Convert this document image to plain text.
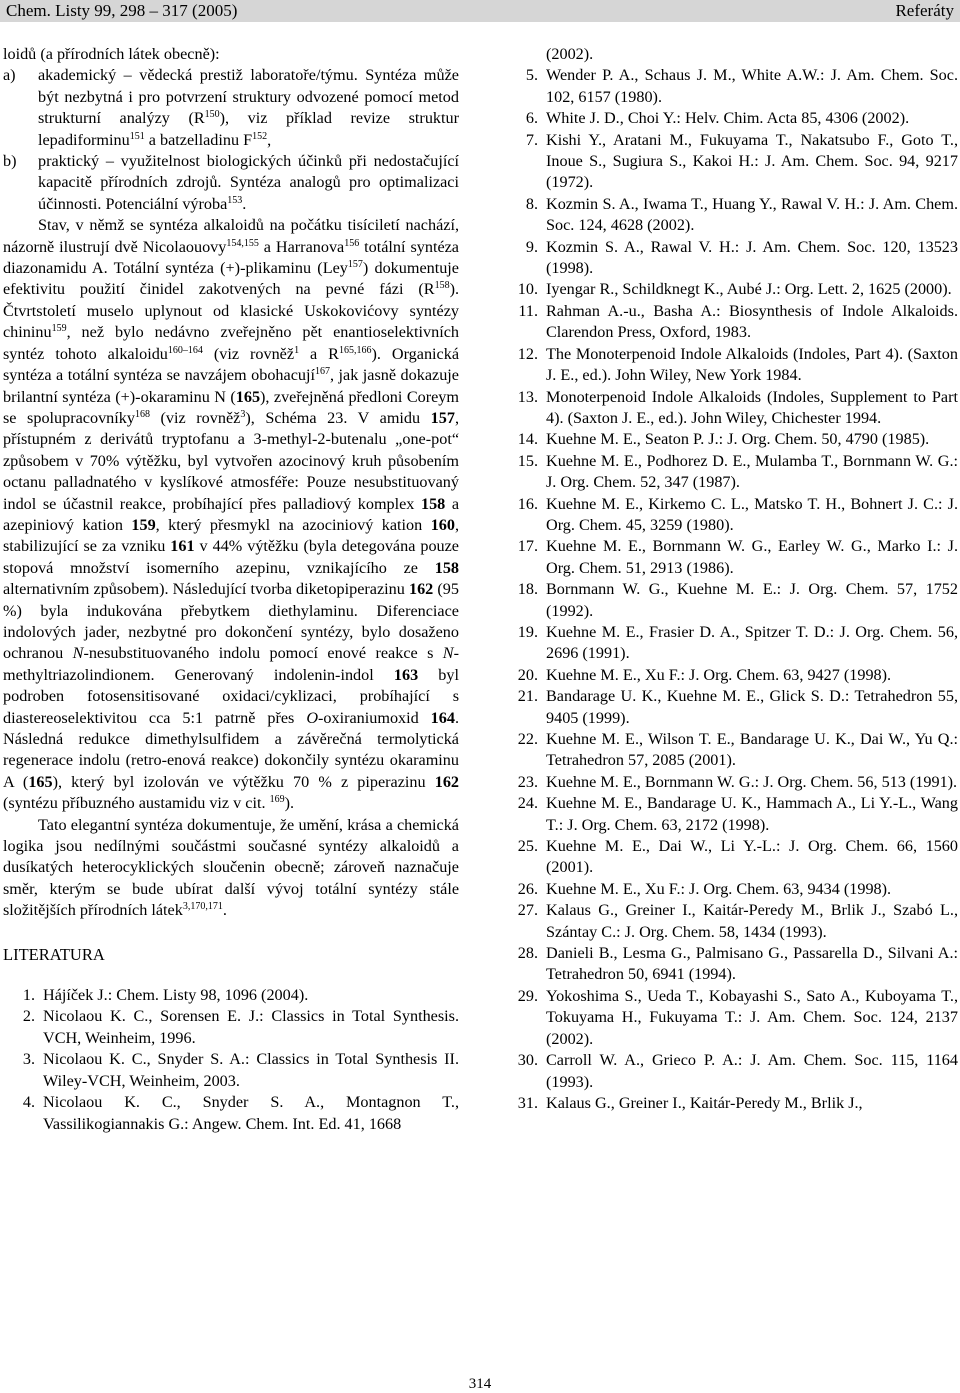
Chem. Listy 99, 298 – 317 (2005)	Referáty

loidů (a přírodních látek obecně):

a) akademický – vědecká prestiž laboratoře/týmu. Syntéza může být nezbytná i pro potvrzení struktury odvozené pomocí metod strukturní analýzy $(R^{150})$, viz příklad revize struktur lepadiforminu$^{151}$ a batzelladinu $F^{152}$,
b) praktický – využitelnost biologických účinků při nedostačující kapacitě přírodních zdrojů. Syntéza analogů pro optimalizaci účinnosti. Potenciální výroba$^{153}$.

Stav, v němž se syntéza alkaloidů na počátku tisíciletí nachází, názorně ilustrují dvě Nicolaouovy$^{154,155}$ a Harranova$^{156}$ totální syntéza diazonamidu A. Totální syntéza (+)-plikaminu (Ley$^{157}$) dokumentuje efektivitu použití činidel zakotvených na pevné fázi $(R^{158})$. Čtvrtstoletí muselo uplynout od klasické Uskokovićovy syntézy chininu$^{159}$, než bylo nedávno zveřejněno pět enantioselektivních syntéz tohoto alkaloidu$^{160-164}$ (viz rovněž$^1$ a R$^{165,166}$). Organická syntéza a totální syntéza se navzájem obohacují$^{167}$, jak jasně dokazuje brilantní syntéza (+)-okaraminu N (165), zveřejněná předloni Coreym se spolupracovníky$^{168}$ (viz rovněž$^3$), Schéma 23. V amidu 157, přístupném z derivátů tryptofanu a 3-methyl-2-butenalu „one-pot“ způsobem v 70% výtěžku, byl vytvořen azocinový kruh působením octanu palladnatého v kyslíkové atmosféře: Pouze nesubstituovaný indol se účastnil reakce, probíhající přes palladiový komplex 158 a azepiniový kation 159, který přesmykl na azociniový kation 160, stabilizující se za vzniku 161 v 44% výtěžku (byla detegována pouze stopová množství isomerního azepinu, vznikajícího ze 158 alternativním způsobem). Následující tvorba diketopiperazinu 162 (95 %) byla indukována přebytkem diethylaminu. Diferenciace indolových jader, nezbytné pro dokončení syntézy, bylo dosaženo ochranou N-nesubstituovaného indolu pomocí enové reakce s N-methyltriazolindionem. Generovaný indolenin-indol 163 byl podroben fotosensitisované oxidaci/cyklizaci, probíhající s diastereoselektivitou cca 5:1 patrně přes O-oxiraniumoxid 164. Následná redukce dimethylsulfidem a závěrečná termolytická regenerace indolu (retro-enová reakce) dokončily syntézu okaraminu A (165), který byl izolován ve výtěžku 70 % z piperazinu 162 (syntézu příbuzného austamidu viz v cit. $^{169}$).

Tato elegantní syntéza dokumentuje, že umění, krása a chemická logika jsou nedílnými součástmi současné syntézy alkaloidů a dusíkatých heterocyklických sloučenin obecně; zároveň naznačuje směr, kterým se bude ubírat další vývoj totální syntézy stále složitějších přírodních látek$^{3,170,171}$.

LITERATURA
1. Hájíček J.: Chem. Listy 98, 1096 (2004).
2. Nicolaou K. C., Sorensen E. J.: Classics in Total Synthesis. VCH, Weinheim, 1996.
3. Nicolaou K. C., Snyder S. A.: Classics in Total Synthesis II. Wiley-VCH, Weinheim, 2003.
4. Nicolaou K. C., Snyder S. A., Montagnon T., Vassilikogiannakis G.: Angew. Chem. Int. Ed. 41, 1668
(2002).
5. Wender P. A., Schaus J. M., White A.W.: J. Am. Chem. Soc. 102, 6157 (1980).
6. White J. D., Choi Y.: Helv. Chim. Acta 85, 4306 (2002).
7. Kishi Y., Aratani M., Fukuyama T., Nakatsubo F., Goto T., Inoue S., Sugiura S., Kakoi H.: J. Am. Chem. Soc. 94, 9217 (1972).
8. Kozmin S. A., Iwama T., Huang Y., Rawal V. H.: J. Am. Chem. Soc. 124, 4628 (2002).
9. Kozmin S. A., Rawal V. H.: J. Am. Chem. Soc. 120, 13523 (1998).
10. Iyengar R., Schildknegt K., Aubé J.: Org. Lett. 2, 1625 (2000).
11. Rahman A.-u., Basha A.: Biosynthesis of Indole Alkaloids. Clarendon Press, Oxford, 1983.
12. The Monoterpenoid Indole Alkaloids (Indoles, Part 4). (Saxton J. E., ed.). John Wiley, New York 1984.
13. Monoterpenoid Indole Alkaloids (Indoles, Supplement to Part 4). (Saxton J. E., ed.). John Wiley, Chichester 1994.
14. Kuehne M. E., Seaton P. J.: J. Org. Chem. 50, 4790 (1985).
15. Kuehne M. E., Podhorez D. E., Mulamba T., Bornmann W. G.: J. Org. Chem. 52, 347 (1987).
16. Kuehne M. E., Kirkemo C. L., Matsko T. H., Bohnert J. C.: J. Org. Chem. 45, 3259 (1980).
17. Kuehne M. E., Bornmann W. G., Earley W. G., Marko I.: J. Org. Chem. 51, 2913 (1986).
18. Bornmann W. G., Kuehne M. E.: J. Org. Chem. 57, 1752 (1992).
19. Kuehne M. E., Frasier D. A., Spitzer T. D.: J. Org. Chem. 56, 2696 (1991).
20. Kuehne M. E., Xu F.: J. Org. Chem. 63, 9427 (1998).
21. Bandarage U. K., Kuehne M. E., Glick S. D.: Tetrahedron 55, 9405 (1999).
22. Kuehne M. E., Wilson T. E., Bandarage U. K., Dai W., Yu Q.: Tetrahedron 57, 2085 (2001).
23. Kuehne M. E., Bornmann W. G.: J. Org. Chem. 56, 513 (1991).
24. Kuehne M. E., Bandarage U. K., Hammach A., Li Y.-L., Wang T.: J. Org. Chem. 63, 2172 (1998).
25. Kuehne M. E., Dai W., Li Y.-L.: J. Org. Chem. 66, 1560 (2001).
26. Kuehne M. E., Xu F.: J. Org. Chem. 63, 9434 (1998).
27. Kalaus G., Greiner I., Kaitár-Peredy M., Brlik J., Szabó L., Szántay C.: J. Org. Chem. 58, 1434 (1993).
28. Danieli B., Lesma G., Palmisano G., Passarella D., Silvani A.: Tetrahedron 50, 6941 (1994).
29. Yokoshima S., Ueda T., Kobayashi S., Sato A., Kuboyama T., Tokuyama H., Fukuyama T.: J. Am. Chem. Soc. 124, 2137 (2002).
30. Carroll W. A., Grieco P. A.: J. Am. Chem. Soc. 115, 1164 (1993).
31. Kalaus G., Greiner I., Kaitár-Peredy M., Brlik J.,
314
